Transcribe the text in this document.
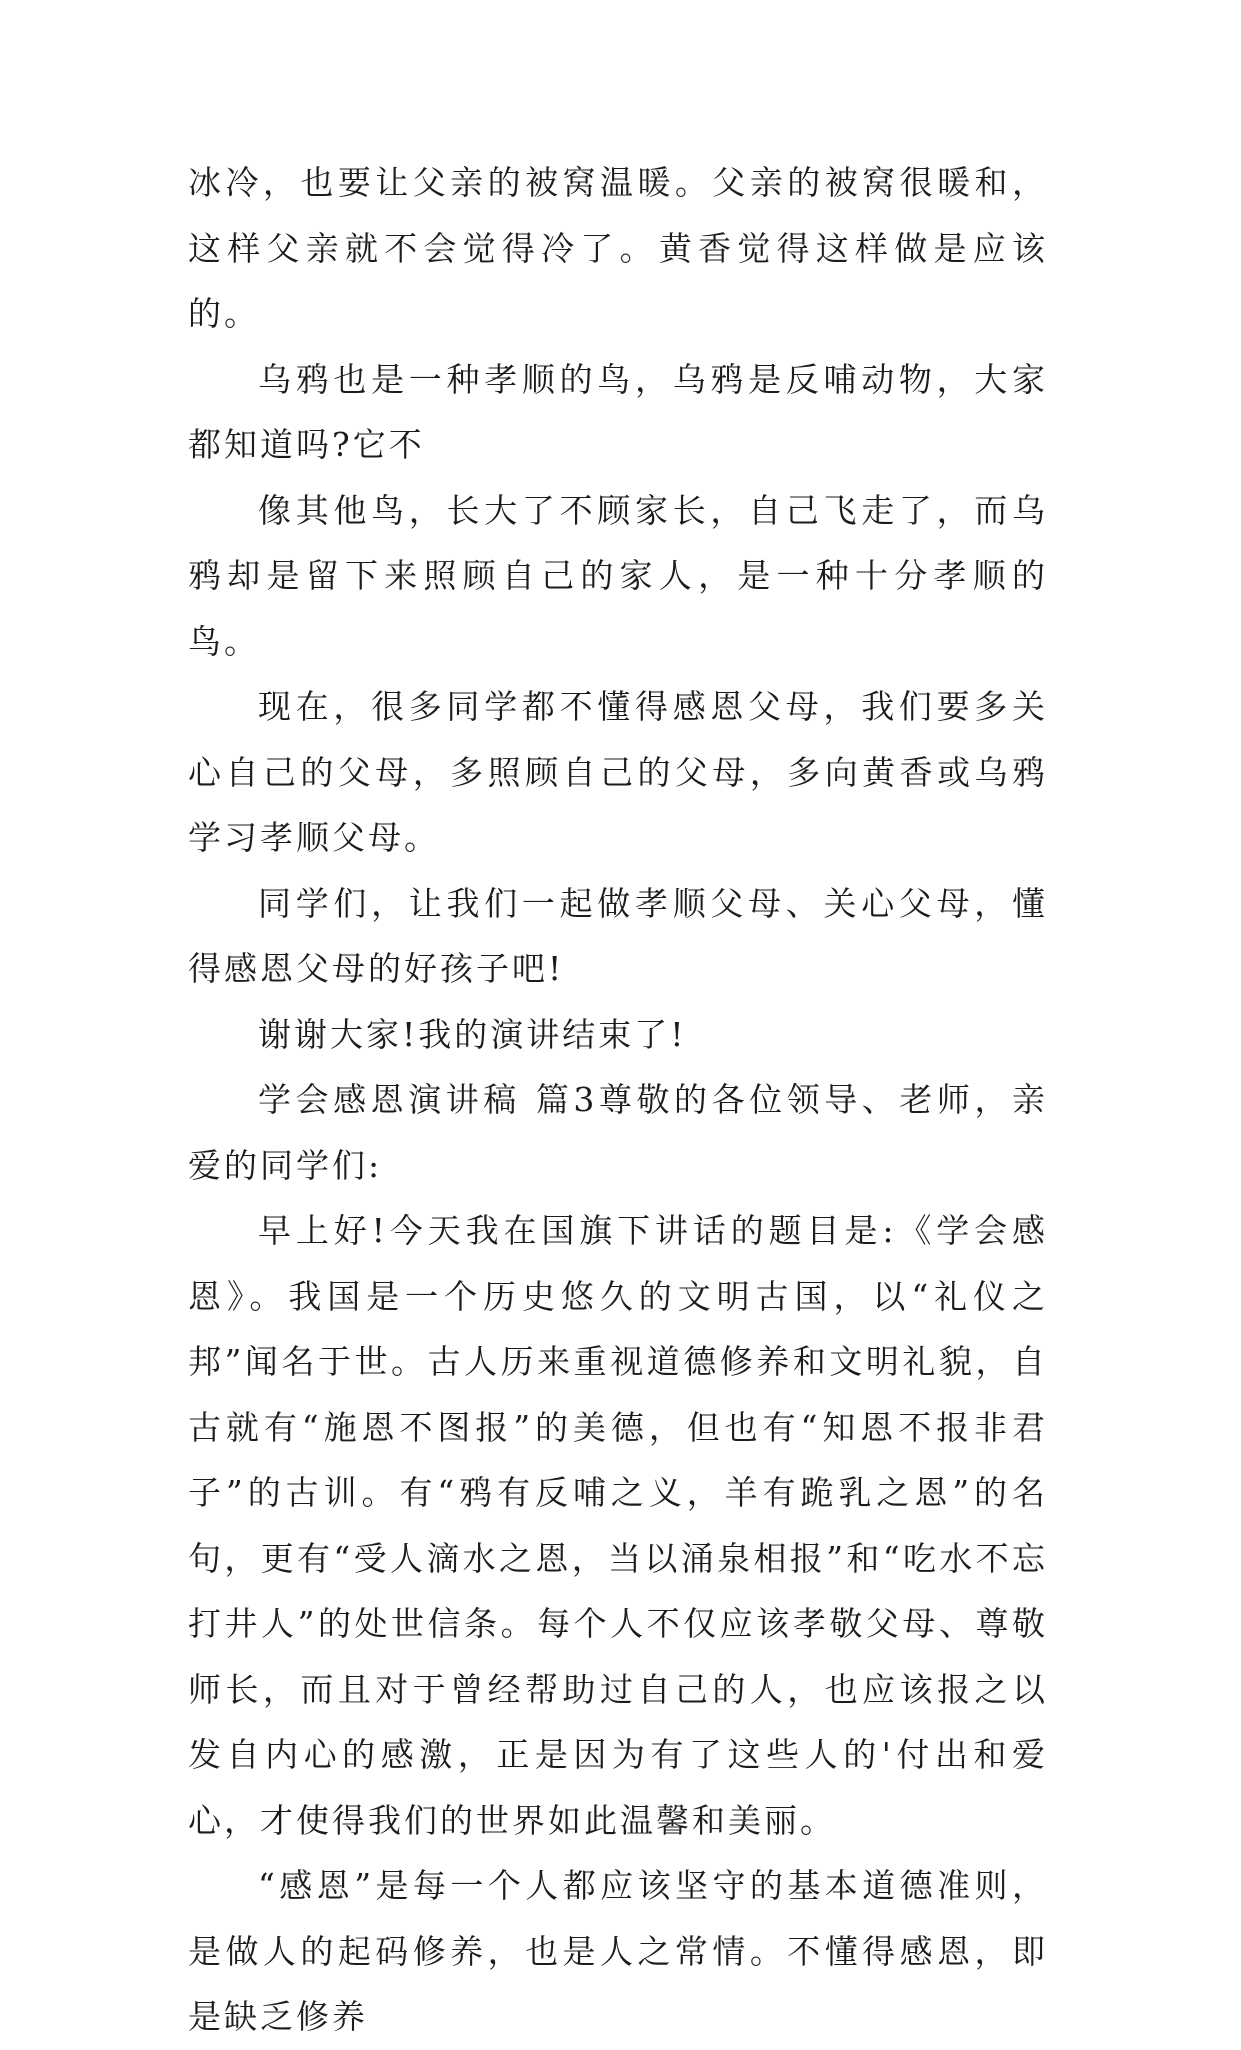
冰冷，也要让父亲的被窝温暖。父亲的被窝很暖和，这样父亲就不会觉得冷了。黄香觉得这样做是应该的。

乌鸦也是一种孝顺的鸟，乌鸦是反哺动物，大家都知道吗?它不

像其他鸟，长大了不顾家长，自己飞走了，而乌鸦却是留下来照顾自己的家人，是一种十分孝顺的鸟。

现在，很多同学都不懂得感恩父母，我们要多关心自己的父母，多照顾自己的父母，多向黄香或乌鸦学习孝顺父母。

同学们，让我们一起做孝顺父母、关心父母，懂得感恩父母的好孩子吧!

谢谢大家!我的演讲结束了!

学会感恩演讲稿 篇3尊敬的各位领导、老师，亲爱的同学们:

早上好!今天我在国旗下讲话的题目是:《学会感恩》。我国是一个历史悠久的文明古国，以“礼仪之邦”闻名于世。古人历来重视道德修养和文明礼貌，自古就有“施恩不图报”的美德，但也有“知恩不报非君子”的古训。有“鸦有反哺之义，羊有跪乳之恩”的名句，更有“受人滴水之恩，当以涌泉相报”和“吃水不忘打井人”的处世信条。每个人不仅应该孝敬父母、尊敬师长，而且对于曾经帮助过自己的人，也应该报之以发自内心的感激，正是因为有了这些人的'付出和爱心，才使得我们的世界如此温馨和美丽。

“感恩”是每一个人都应该坚守的基本道德准则，是做人的起码修养，也是人之常情。不懂得感恩，即是缺乏修养
